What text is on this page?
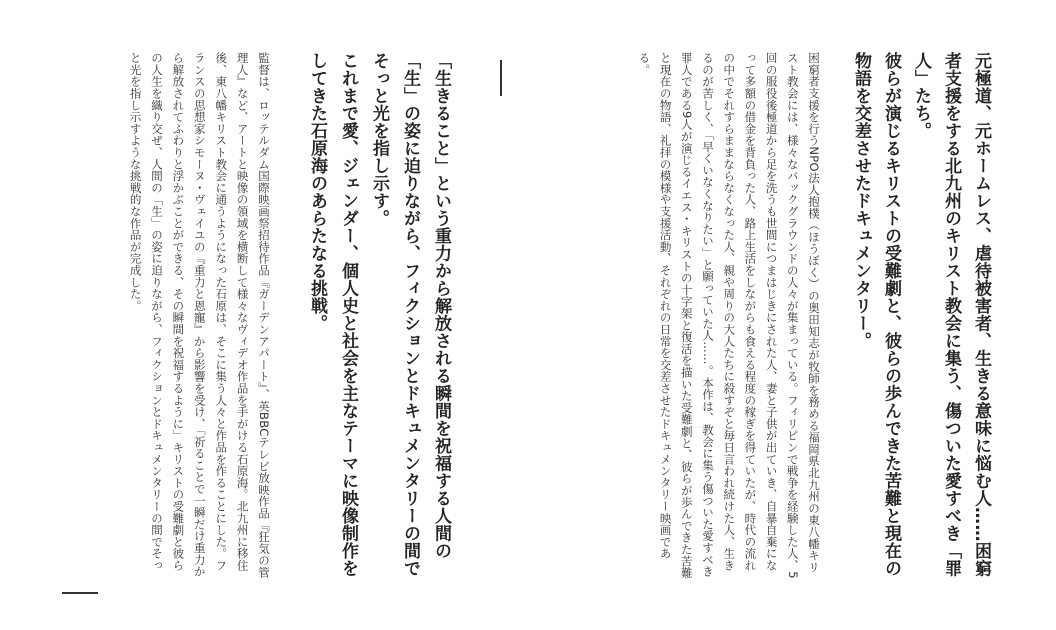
元極道、元ホームレス、虐待被害者、生きる意味に悩む人……困窮者支援をする北九州のキリスト教会に集う、傷ついた愛すべき「罪人」たち。
彼らが演じるキリストの受難劇と、彼らの歩んできた苦難と現在の物語を交差させたドキュメンタリー。

困窮者支援を行うNPO法人抱樸（ほうぼく）の奥田知志が牧師を務める福岡県北九州の東八幡キリスト教会には、様々なバックグラウンドの人々が集まっている。フィリピンで戦争を経験した人、5回の服役後極道から足を洗うも世間につまはじきにされた人、妻と子供が出ていき、自暴自棄になって多額の借金を背負った人、路上生活をしながらも食える程度の稼ぎを得ていたが、時代の流れの中でそれすらままならなくなった人、親や周りの大人たちに殺すぞと毎日言われ続けた人、生きるのが苦しく、「早くいなくなりたい」と願っていた人……。本作は、教会に集う傷ついた愛すべき罪人である9人が演じるイエス・キリストの十字架と復活を描いた受難劇と、彼らが歩んできた苦難と現在の物語、礼拝の模様や支援活動、それぞれの日常を交差させたドキュメンタリー映画である。

「生きること」という重力から解放される瞬間を祝福する人間の「生」の姿に迫りながら、フィクションとドキュメンタリーの間でそっと光を指し示す。
これまで愛、ジェンダー、個人史と社会を主なテーマに映像制作をしてきた石原海のあらたなる挑戦。

監督は、ロッテルダム国際映画祭招待作品『ガーデンアパート』、英BBCテレビ放映作品『狂気の管理人』など、アートと映像の領域を横断して様々なヴィデオ作品を手がける石原海。北九州に移住後、東八幡キリスト教会に通うようになった石原は、そこに集う人々と作品を作ることにした。フランスの思想家シモーヌ・ヴェイユの『重力と恩寵』から影響を受け、「祈ることで一瞬だけ重力から解放されてふわりと浮かぶことができる、その瞬間を祝福するように」キリストの受難劇と彼らの人生を織り交ぜ、人間の「生」の姿に迫りながら、フィクションとドキュメンタリーの間でそっと光を指し示すような挑戦的な作品が完成した。
